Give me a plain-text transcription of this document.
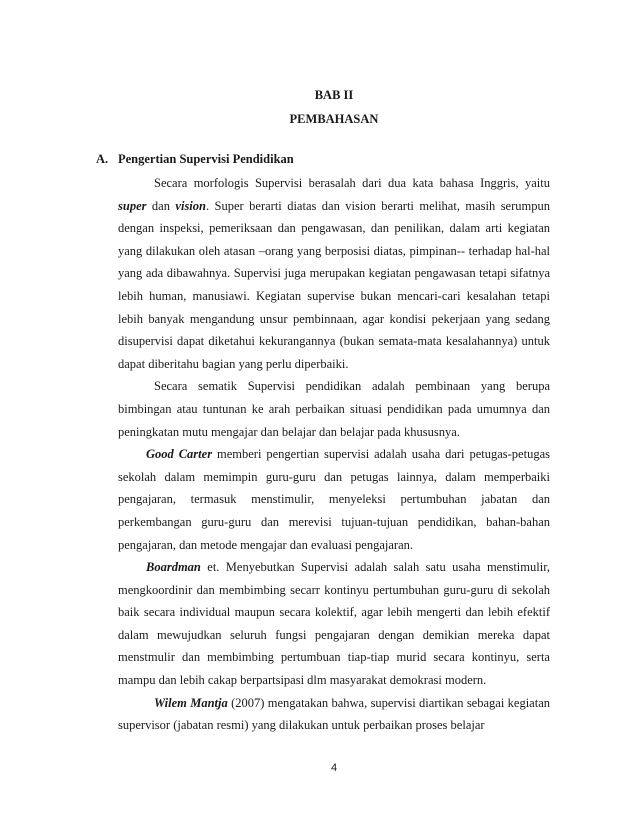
BAB II
PEMBAHASAN
A. Pengertian Supervisi Pendidikan

Secara morfologis Supervisi berasalah dari dua kata bahasa Inggris, yaitu super dan vision. Super berarti diatas dan vision berarti melihat, masih serumpun dengan inspeksi, pemeriksaan dan pengawasan, dan penilikan, dalam arti kegiatan yang dilakukan oleh atasan –orang yang berposisi diatas, pimpinan-- terhadap hal-hal yang ada dibawahnya. Supervisi juga merupakan kegiatan pengawasan tetapi sifatnya lebih human, manusiawi. Kegiatan supervise bukan mencari-cari kesalahan tetapi lebih banyak mengandung unsur pembinnaan, agar kondisi pekerjaan yang sedang disupervisi dapat diketahui kekurangannya (bukan semata-mata kesalahannya) untuk dapat diberitahu bagian yang perlu diperbaiki.

Secara sematik Supervisi pendidikan adalah pembinaan yang berupa bimbingan atau tuntunan ke arah perbaikan situasi pendidikan pada umumnya dan peningkatan mutu mengajar dan belajar dan belajar pada khususnya.

Good Carter memberi pengertian supervisi adalah usaha dari petugas-petugas sekolah dalam memimpin guru-guru dan petugas lainnya, dalam memperbaiki pengajaran, termasuk menstimulir, menyeleksi pertumbuhan jabatan dan perkembangan guru-guru dan merevisi tujuan-tujuan pendidikan, bahan-bahan pengajaran, dan metode mengajar dan evaluasi pengajaran.

Boardman et. Menyebutkan Supervisi adalah salah satu usaha menstimulir, mengkoordinir dan membimbing secarr kontinyu pertumbuhan guru-guru di sekolah baik secara individual maupun secara kolektif, agar lebih mengerti dan lebih efektif dalam mewujudkan seluruh fungsi pengajaran dengan demikian mereka dapat menstmulir dan membimbing pertumbuan tiap-tiap murid secara kontinyu, serta mampu dan lebih cakap berpartsipasi dlm masyarakat demokrasi modern.

Wilem Mantja (2007) mengatakan bahwa, supervisi diartikan sebagai kegiatan supervisor (jabatan resmi) yang dilakukan untuk perbaikan proses belajar

4
